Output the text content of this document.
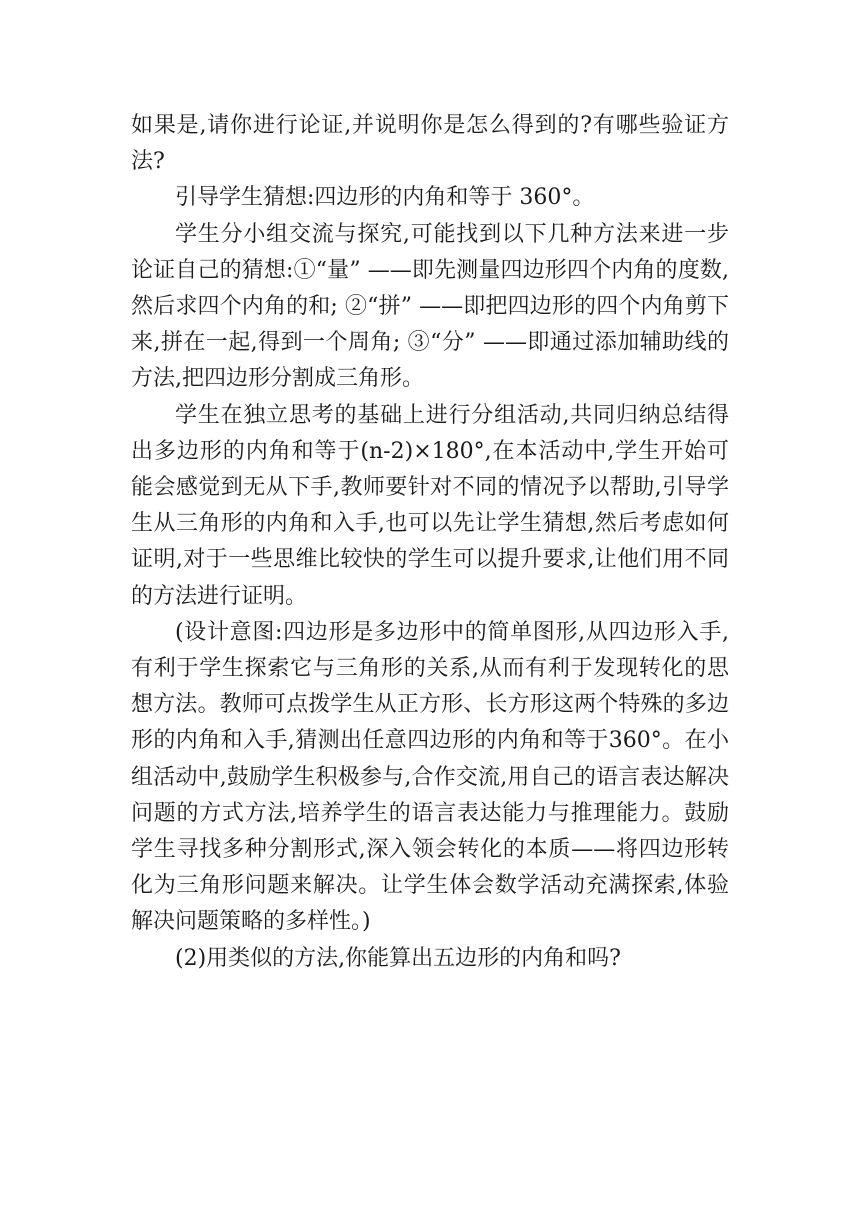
如果是,请你进行论证,并说明你是怎么得到的?有哪些验证方法?

引导学生猜想:四边形的内角和等于 360°。

学生分小组交流与探究,可能找到以下几种方法来进一步论证自己的猜想:①“量” ——即先测量四边形四个内角的度数,然后求四个内角的和; ②“拼” ——即把四边形的四个内角剪下来,拼在一起,得到一个周角; ③“分” ——即通过添加辅助线的方法,把四边形分割成三角形。

学生在独立思考的基础上进行分组活动,共同归纳总结得出多边形的内角和等于(n-2)×180°,在本活动中,学生开始可能会感觉到无从下手,教师要针对不同的情况予以帮助,引导学生从三角形的内角和入手,也可以先让学生猜想,然后考虑如何证明,对于一些思维比较快的学生可以提升要求,让他们用不同的方法进行证明。

(设计意图:四边形是多边形中的简单图形,从四边形入手,有利于学生探索它与三角形的关系,从而有利于发现转化的思想方法。教师可点拨学生从正方形、长方形这两个特殊的多边形的内角和入手,猜测出任意四边形的内角和等于360°。在小组活动中,鼓励学生积极参与,合作交流,用自己的语言表达解决问题的方式方法,培养学生的语言表达能力与推理能力。鼓励学生寻找多种分割形式,深入领会转化的本质——将四边形转化为三角形问题来解决。让学生体会数学活动充满探索,体验解决问题策略的多样性。)

(2)用类似的方法,你能算出五边形的内角和吗?
